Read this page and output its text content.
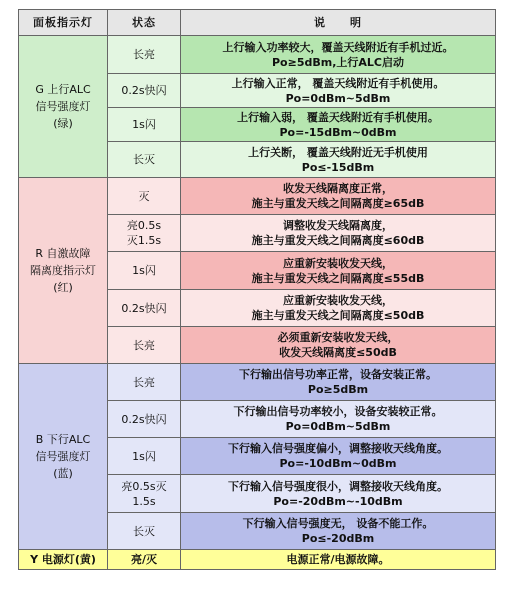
面板指示灯	状态	说　　明
G 上行ALC
信号强度灯
(绿)	长亮	上行输入功率较大，覆盖天线附近有手机过近。
Po≥5dBm,上行ALC启动
	0.2s快闪	上行输入正常， 覆盖天线附近有手机使用。
Po=0dBm~5dBm
	1s闪	上行输入弱， 覆盖天线附近有手机使用。
Po=-15dBm~0dBm
	长灭	上行关断， 覆盖天线附近无手机使用
Po≤-15dBm
R 自激故障
隔离度指示灯
(红)	灭	收发天线隔离度正常，
施主与重发天线之间隔离度≥65dB
	亮0.5s
灭1.5s	调整收发天线隔离度，
施主与重发天线之间隔离度≤60dB
	1s闪	应重新安装收发天线，
施主与重发天线之间隔离度≤55dB
	0.2s快闪	应重新安装收发天线，
施主与重发天线之间隔离度≤50dB
	长亮	必须重新安装收发天线，
收发天线隔离度≤50dB
B 下行ALC
信号强度灯
(蓝)	长亮	下行输出信号功率正常，设备安装正常。
Po≥5dBm
	0.2s快闪	下行输出信号功率较小，设备安装较正常。
Po=0dBm~5dBm
	1s闪	下行输入信号强度偏小，调整接收天线角度。
Po=-10dBm~0dBm
	亮0.5s灭
1.5s	下行输入信号强度很小，调整接收天线角度。
Po=-20dBm~-10dBm
	长灭	下行输入信号强度无， 设备不能工作。
Po≤-20dBm
Y 电源灯(黄)	亮/灭	电源正常/电源故障。
